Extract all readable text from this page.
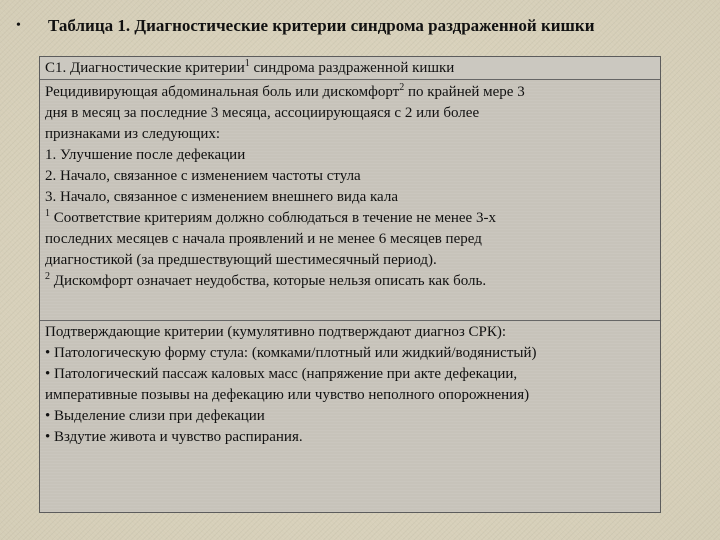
• Таблица 1. Диагностические критерии синдрома раздраженной кишки
С1. Диагностические критерии$^1$ синдрома раздраженной кишки
Рецидивирующая абдоминальная боль или дискомфорт$^2$ по крайней мере 3
дня в месяц за последние 3 месяца, ассоциирующаяся с 2 или более
признаками из следующих:
1. Улучшение после дефекации
2. Начало, связанное с изменением частоты стула
3. Начало, связанное с изменением внешнего вида кала
$^1$ Соответствие критериям должно соблюдаться в течение не менее 3-х
последних месяцев с начала проявлений и не менее 6 месяцев перед
диагностикой (за предшествующий шестимесячный период).
$^2$ Дискомфорт означает неудобства, которые нельзя описать как боль.
Подтверждающие критерии (кумулятивно подтверждают диагноз СРК):
• Патологическую форму стула: (комками/плотный или жидкий/водянистый)
• Патологический пассаж каловых масс (напряжение при акте дефекации,
императивные позывы на дефекацию или чувство неполного опорожнения)
• Выделение слизи при дефекации
• Вздутие живота и чувство распирания.
